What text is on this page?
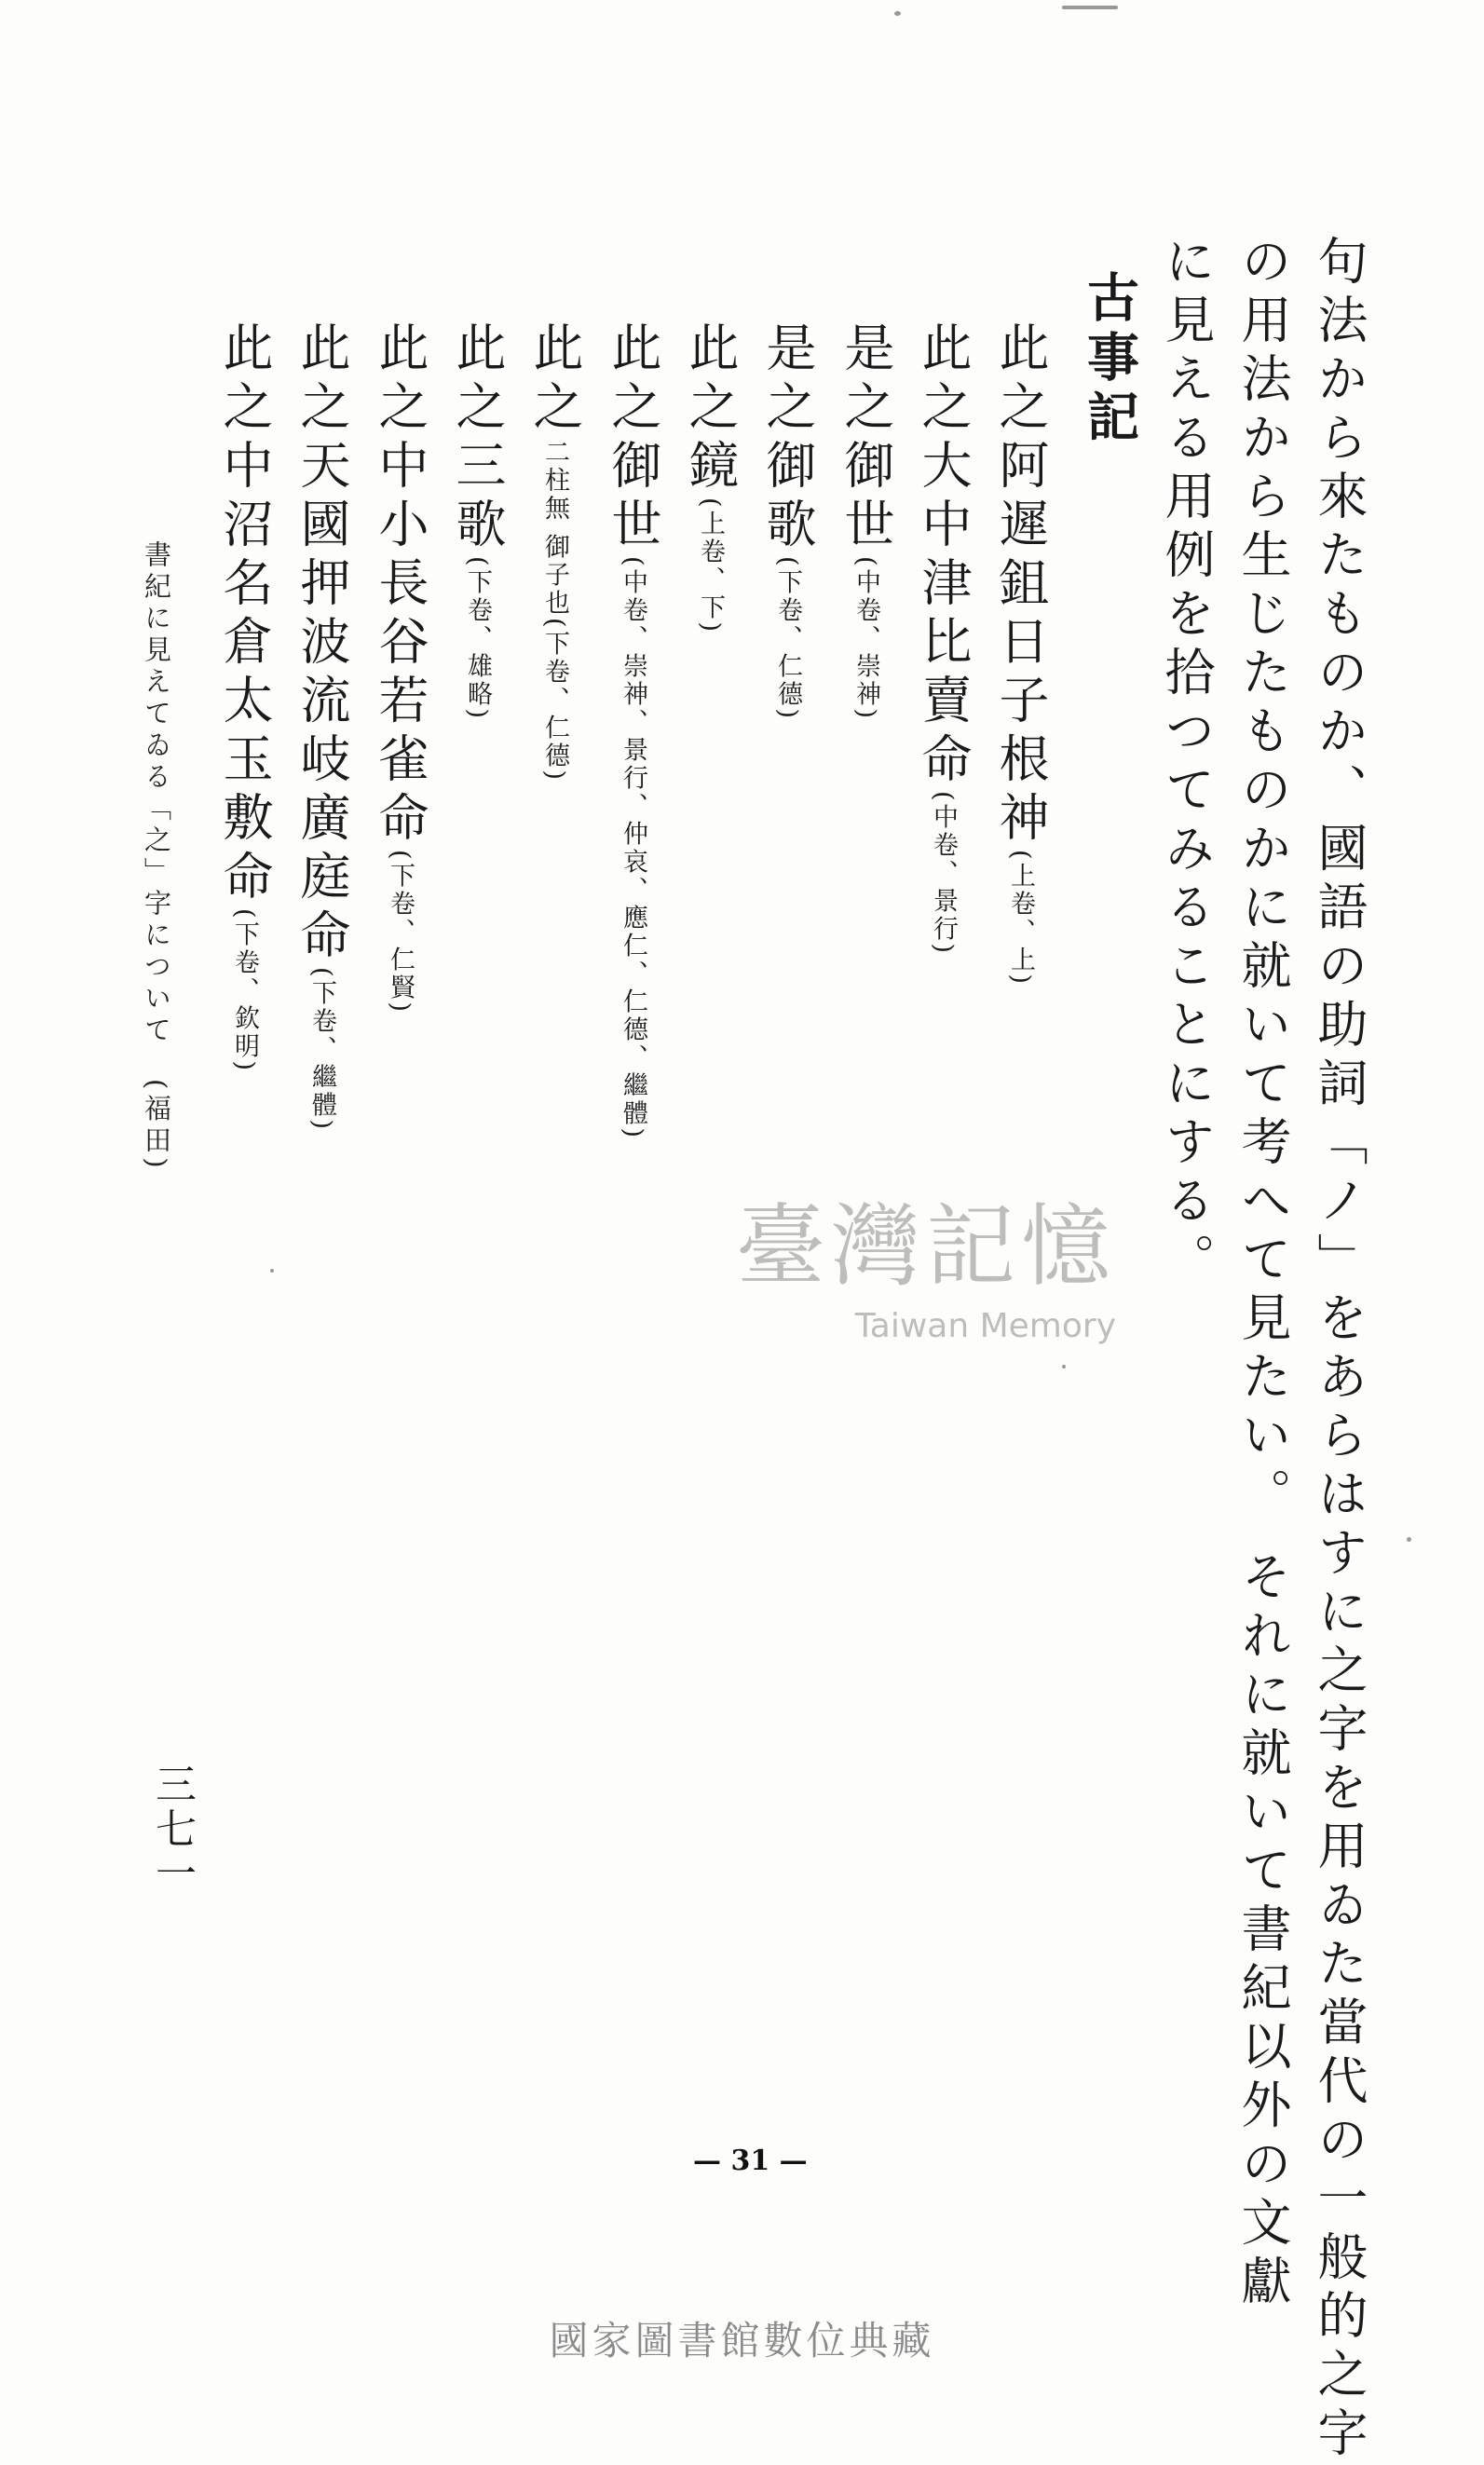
句法から來たものか、國語の助詞「ノ」をあらはすに之字を用ゐた當代の一般的之字
の用法から生じたものかに就いて考へて見たい。 それに就いて書紀以外の文獻
に見える用例を拾つてみることにする。
古事記
此之阿遲鉏日子根神(上卷、上)
此之大中津比賣命(中卷、景行)
是之御世(中卷、崇神)
是之御歌(下卷、仁德)
此之鏡(上卷、下)
此之御世(中卷、崇神、景行、仲哀、應仁、仁德、繼體)
此之二柱無 御子也(下卷、仁德)
此之三歌(下卷、雄略)
此之中小長谷若雀命(下卷、仁賢)
此之天國押波流岐廣庭命(下卷、繼體)
此之中沼名倉太玉敷命(下卷、欽明)
書紀に見えてゐる「之」字について　(福田)
三七一
— 31 —
臺灣記憶
Taiwan Memory
國家圖書館數位典藏
